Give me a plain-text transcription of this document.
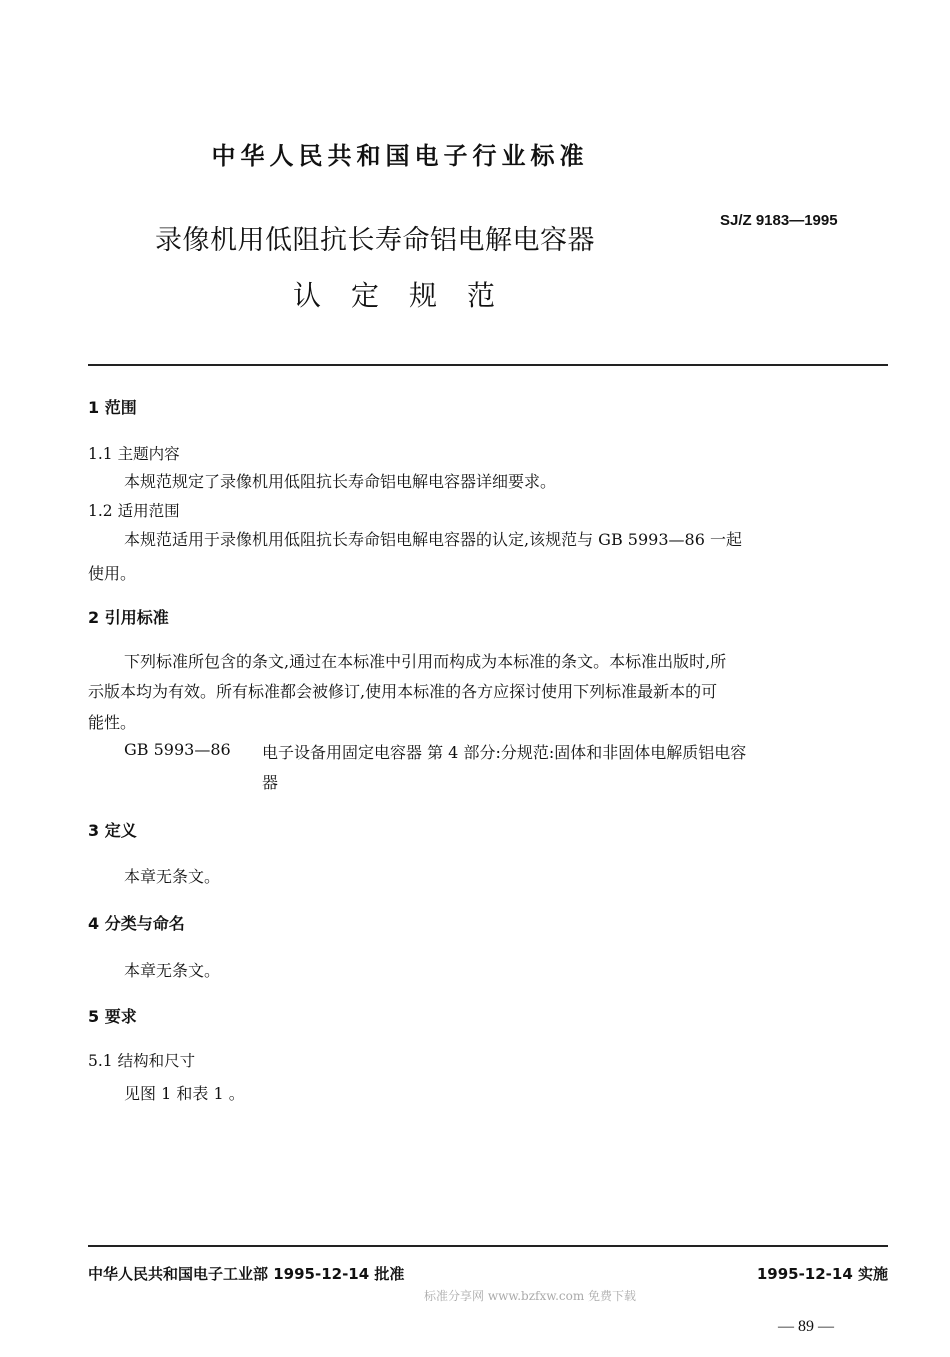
中华人民共和国电子行业标准
录像机用低阻抗长寿命铝电解电容器
认定规范
SJ/Z 9183—1995
1 范围
1.1 主题内容
本规范规定了录像机用低阻抗长寿命铝电解电容器详细要求。
1.2 适用范围
本规范适用于录像机用低阻抗长寿命铝电解电容器的认定,该规范与 GB 5993—86 一起
使用。
2 引用标准
下列标准所包含的条文,通过在本标准中引用而构成为本标准的条文。本标准出版时,所
示版本均为有效。所有标准都会被修订,使用本标准的各方应探讨使用下列标准最新本的可
能性。
GB 5993—86 电子设备用固定电容器 第 4 部分:分规范:固体和非固体电解质铝电容
器
3 定义
本章无条文。
4 分类与命名
本章无条文。
5 要求
5.1 结构和尺寸
见图 1 和表 1 。
中华人民共和国电子工业部 1995-12-14 批准	1995-12-14 实施
标准分享网 www.bzfxw.com 免费下载
— 89 —
